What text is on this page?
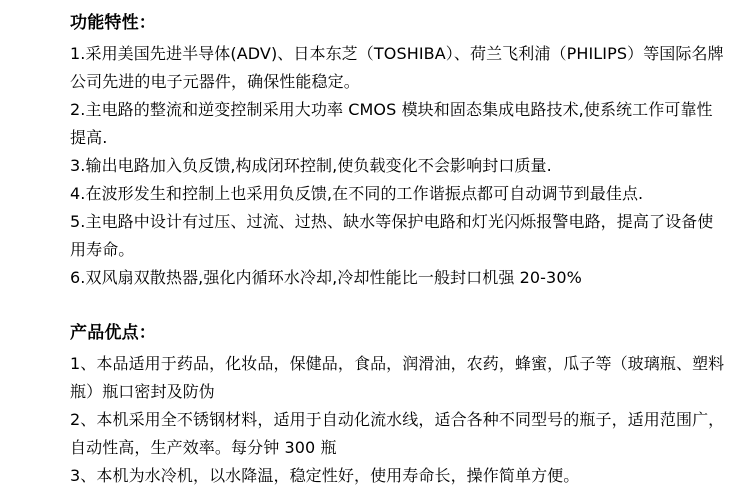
功能特性：

1.采用美国先进半导体(ADV)、日本东芝（TOSHIBA）、荷兰飞利浦（PHILIPS）等国际名牌公司先进的电子元器件，确保性能稳定。

2.主电路的整流和逆变控制采用大功率 CMOS 模块和固态集成电路技术,使系统工作可靠性提高.

3.输出电路加入负反馈,构成闭环控制,使负载变化不会影响封口质量.

4.在波形发生和控制上也采用负反馈,在不同的工作谐振点都可自动调节到最佳点.

5.主电路中设计有过压、过流、过热、缺水等保护电路和灯光闪烁报警电路，提高了设备使用寿命。

6.双风扇双散热器,强化内循环水冷却,冷却性能比一般封口机强 20-30%

产品优点：

1、本品适用于药品，化妆品，保健品，食品，润滑油，农药，蜂蜜，瓜子等（玻璃瓶、塑料瓶）瓶口密封及防伪

2、本机采用全不锈钢材料，适用于自动化流水线，适合各种不同型号的瓶子，适用范围广，自动性高，生产效率。每分钟 300 瓶

3、本机为水冷机，以水降温，稳定性好，使用寿命长，操作简单方便。
